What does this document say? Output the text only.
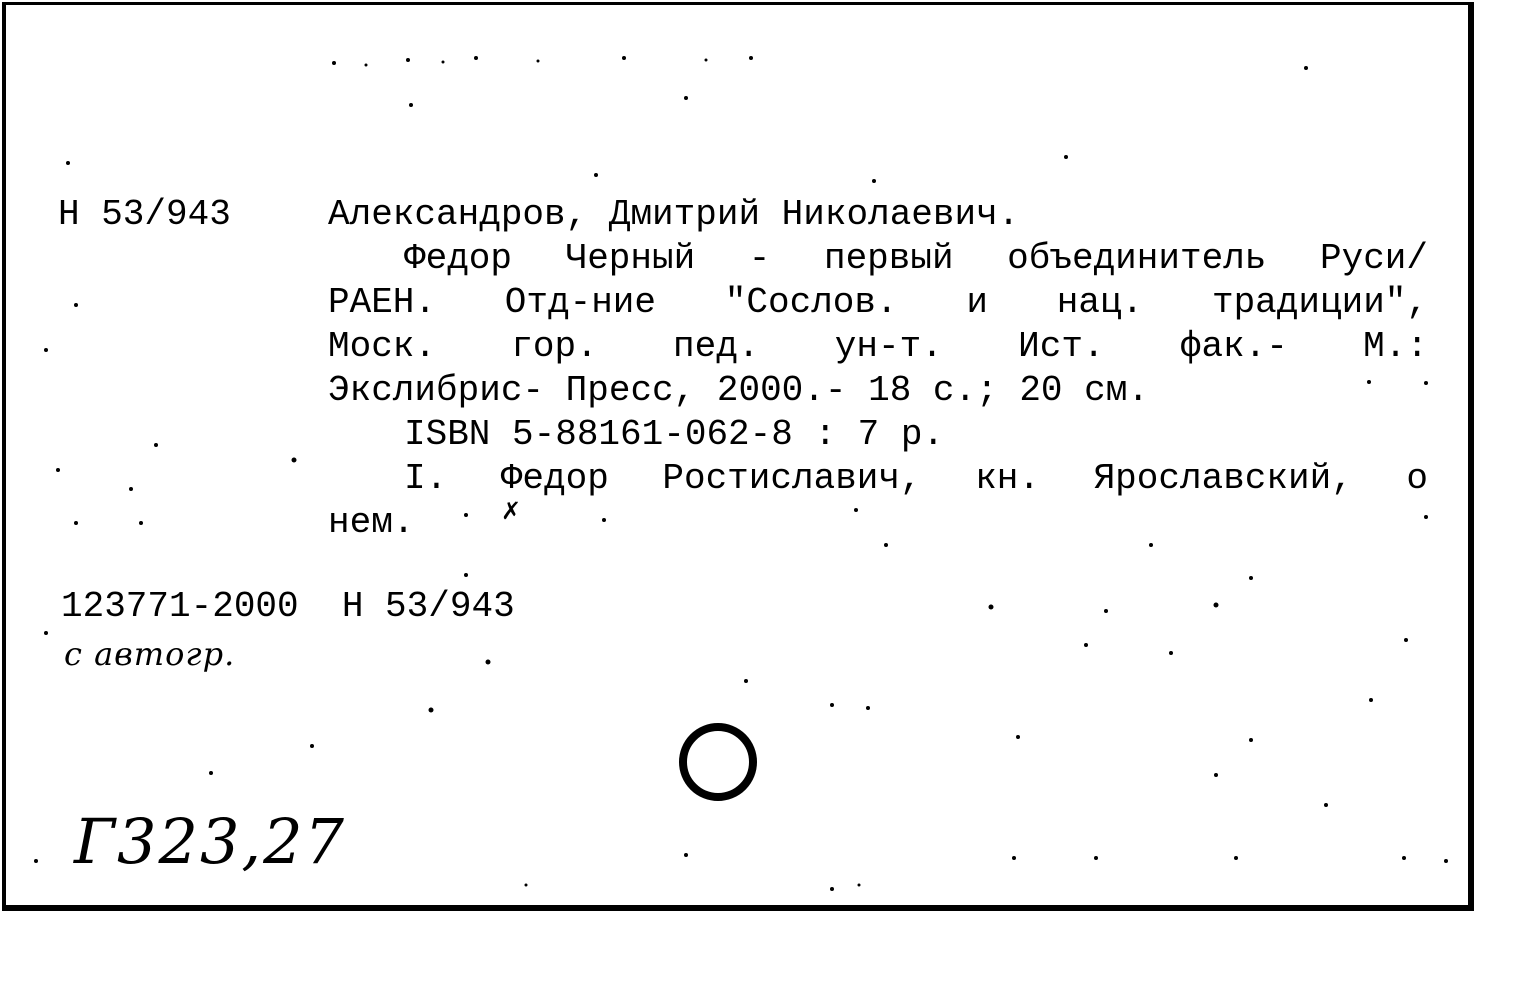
Н 53/943	Александров, Дмитрий Николаевич.
Федор Черный - первый объединитель Руси/
РАЕН. Отд-ние "Сослов. и нац. традиции",
Моск. гор. пед. ун-т. Ист. фак.- М.:
Экслибрис- Пресс, 2000.- 18 с.; 20 см.
ISBN 5-88161-062-8 : 7 р.
I. Федор Ростиславич, кн. Ярославский, о
нем.	✗
123771-2000  Н 53/943
с автогр.
Г323,27
